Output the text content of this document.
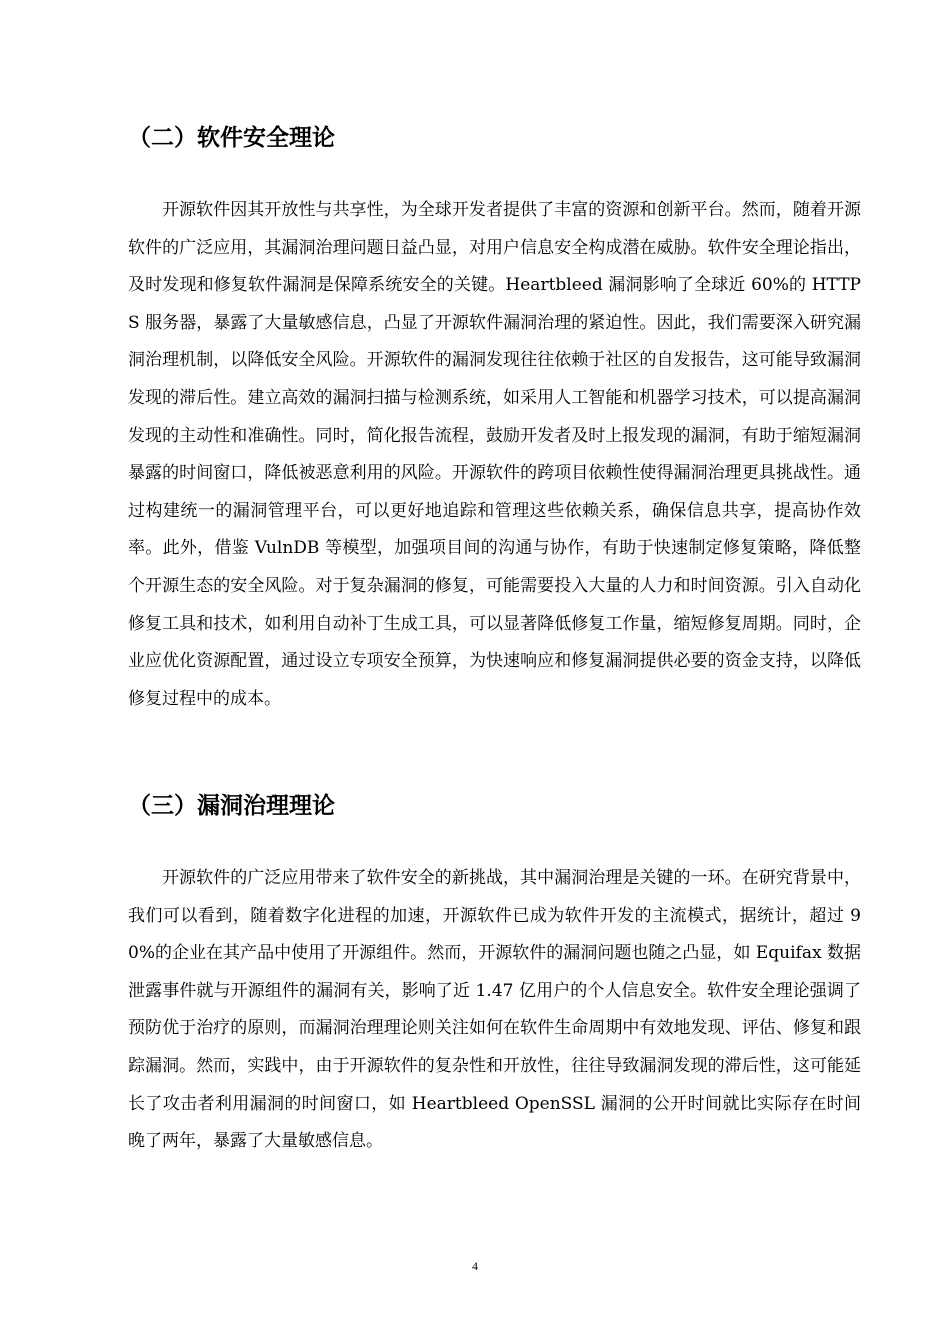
（二）软件安全理论

开源软件因其开放性与共享性，为全球开发者提供了丰富的资源和创新平台。然而，随着开源软件的广泛应用，其漏洞治理问题日益凸显，对用户信息安全构成潜在威胁。软件安全理论指出，及时发现和修复软件漏洞是保障系统安全的关键。Heartbleed 漏洞影响了全球近 60%的 HTTPS 服务器，暴露了大量敏感信息，凸显了开源软件漏洞治理的紧迫性。因此，我们需要深入研究漏洞治理机制，以降低安全风险。开源软件的漏洞发现往往依赖于社区的自发报告，这可能导致漏洞发现的滞后性。建立高效的漏洞扫描与检测系统，如采用人工智能和机器学习技术，可以提高漏洞发现的主动性和准确性。同时，简化报告流程，鼓励开发者及时上报发现的漏洞，有助于缩短漏洞暴露的时间窗口，降低被恶意利用的风险。开源软件的跨项目依赖性使得漏洞治理更具挑战性。通过构建统一的漏洞管理平台，可以更好地追踪和管理这些依赖关系，确保信息共享，提高协作效率。此外，借鉴 VulnDB 等模型，加强项目间的沟通与协作，有助于快速制定修复策略，降低整个开源生态的安全风险。对于复杂漏洞的修复，可能需要投入大量的人力和时间资源。引入自动化修复工具和技术，如利用自动补丁生成工具，可以显著降低修复工作量，缩短修复周期。同时，企业应优化资源配置，通过设立专项安全预算，为快速响应和修复漏洞提供必要的资金支持，以降低修复过程中的成本。

（三）漏洞治理理论

开源软件的广泛应用带来了软件安全的新挑战，其中漏洞治理是关键的一环。在研究背景中，我们可以看到，随着数字化进程的加速，开源软件已成为软件开发的主流模式，据统计，超过 90%的企业在其产品中使用了开源组件。然而，开源软件的漏洞问题也随之凸显，如 Equifax 数据泄露事件就与开源组件的漏洞有关，影响了近 1.47 亿用户的个人信息安全。软件安全理论强调了预防优于治疗的原则，而漏洞治理理论则关注如何在软件生命周期中有效地发现、评估、修复和跟踪漏洞。然而，实践中，由于开源软件的复杂性和开放性，往往导致漏洞发现的滞后性，这可能延长了攻击者利用漏洞的时间窗口，如 Heartbleed OpenSSL 漏洞的公开时间就比实际存在时间晚了两年，暴露了大量敏感信息。

4
